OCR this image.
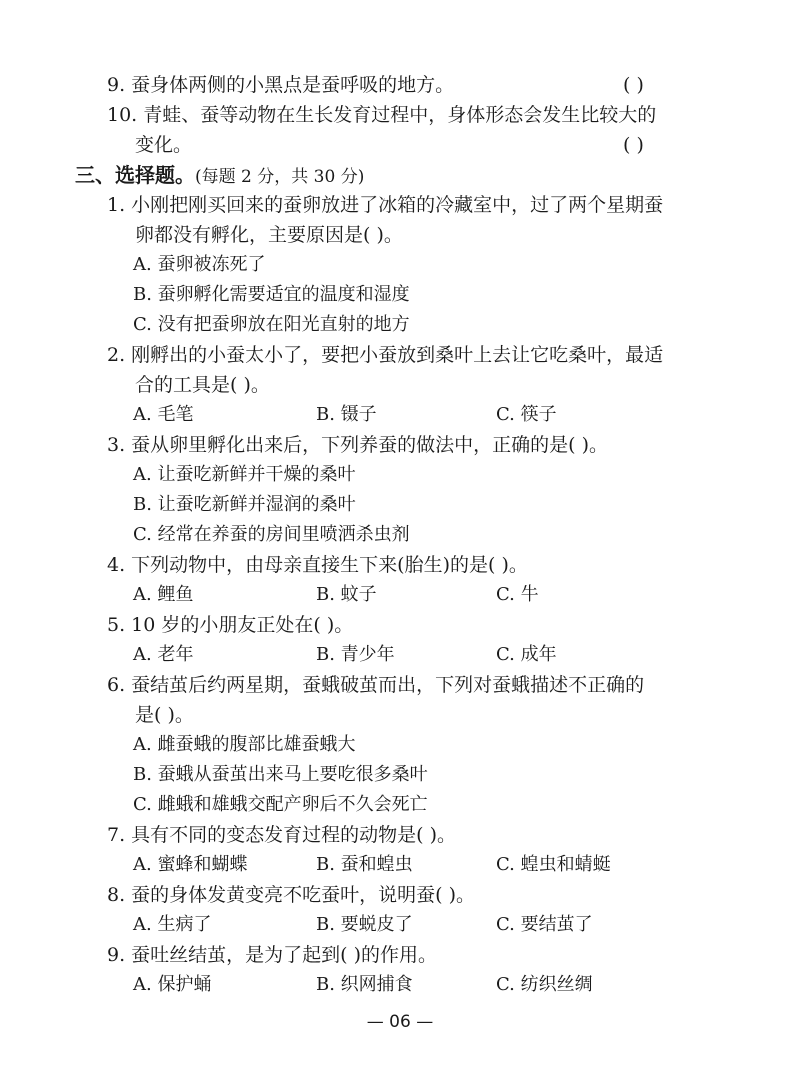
9. 蚕身体两侧的小黑点是蚕呼吸的地方。	( )
10. 青蛙、蚕等动物在生长发育过程中，身体形态会发生比较大的
变化。	( )
三、选择题。(每题 2 分，共 30 分)
1. 小刚把刚买回来的蚕卵放进了冰箱的冷藏室中，过了两个星期蚕
卵都没有孵化，主要原因是( )。
A. 蚕卵被冻死了
B. 蚕卵孵化需要适宜的温度和湿度
C. 没有把蚕卵放在阳光直射的地方
2. 刚孵出的小蚕太小了，要把小蚕放到桑叶上去让它吃桑叶，最适
合的工具是( )。
A. 毛笔	B. 镊子	C. 筷子
3. 蚕从卵里孵化出来后，下列养蚕的做法中，正确的是( )。
A. 让蚕吃新鲜并干燥的桑叶
B. 让蚕吃新鲜并湿润的桑叶
C. 经常在养蚕的房间里喷洒杀虫剂
4. 下列动物中，由母亲直接生下来(胎生)的是( )。
A. 鲤鱼	B. 蚊子	C. 牛
5. 10 岁的小朋友正处在( )。
A. 老年	B. 青少年	C. 成年
6. 蚕结茧后约两星期，蚕蛾破茧而出，下列对蚕蛾描述不正确的
是( )。
A. 雌蚕蛾的腹部比雄蚕蛾大
B. 蚕蛾从蚕茧出来马上要吃很多桑叶
C. 雌蛾和雄蛾交配产卵后不久会死亡
7. 具有不同的变态发育过程的动物是( )。
A. 蜜蜂和蝴蝶	B. 蚕和蝗虫	C. 蝗虫和蜻蜓
8. 蚕的身体发黄变亮不吃蚕叶，说明蚕( )。
A. 生病了	B. 要蜕皮了	C. 要结茧了
9. 蚕吐丝结茧，是为了起到( )的作用。
A. 保护蛹	B. 织网捕食	C. 纺织丝绸
— 06 —
